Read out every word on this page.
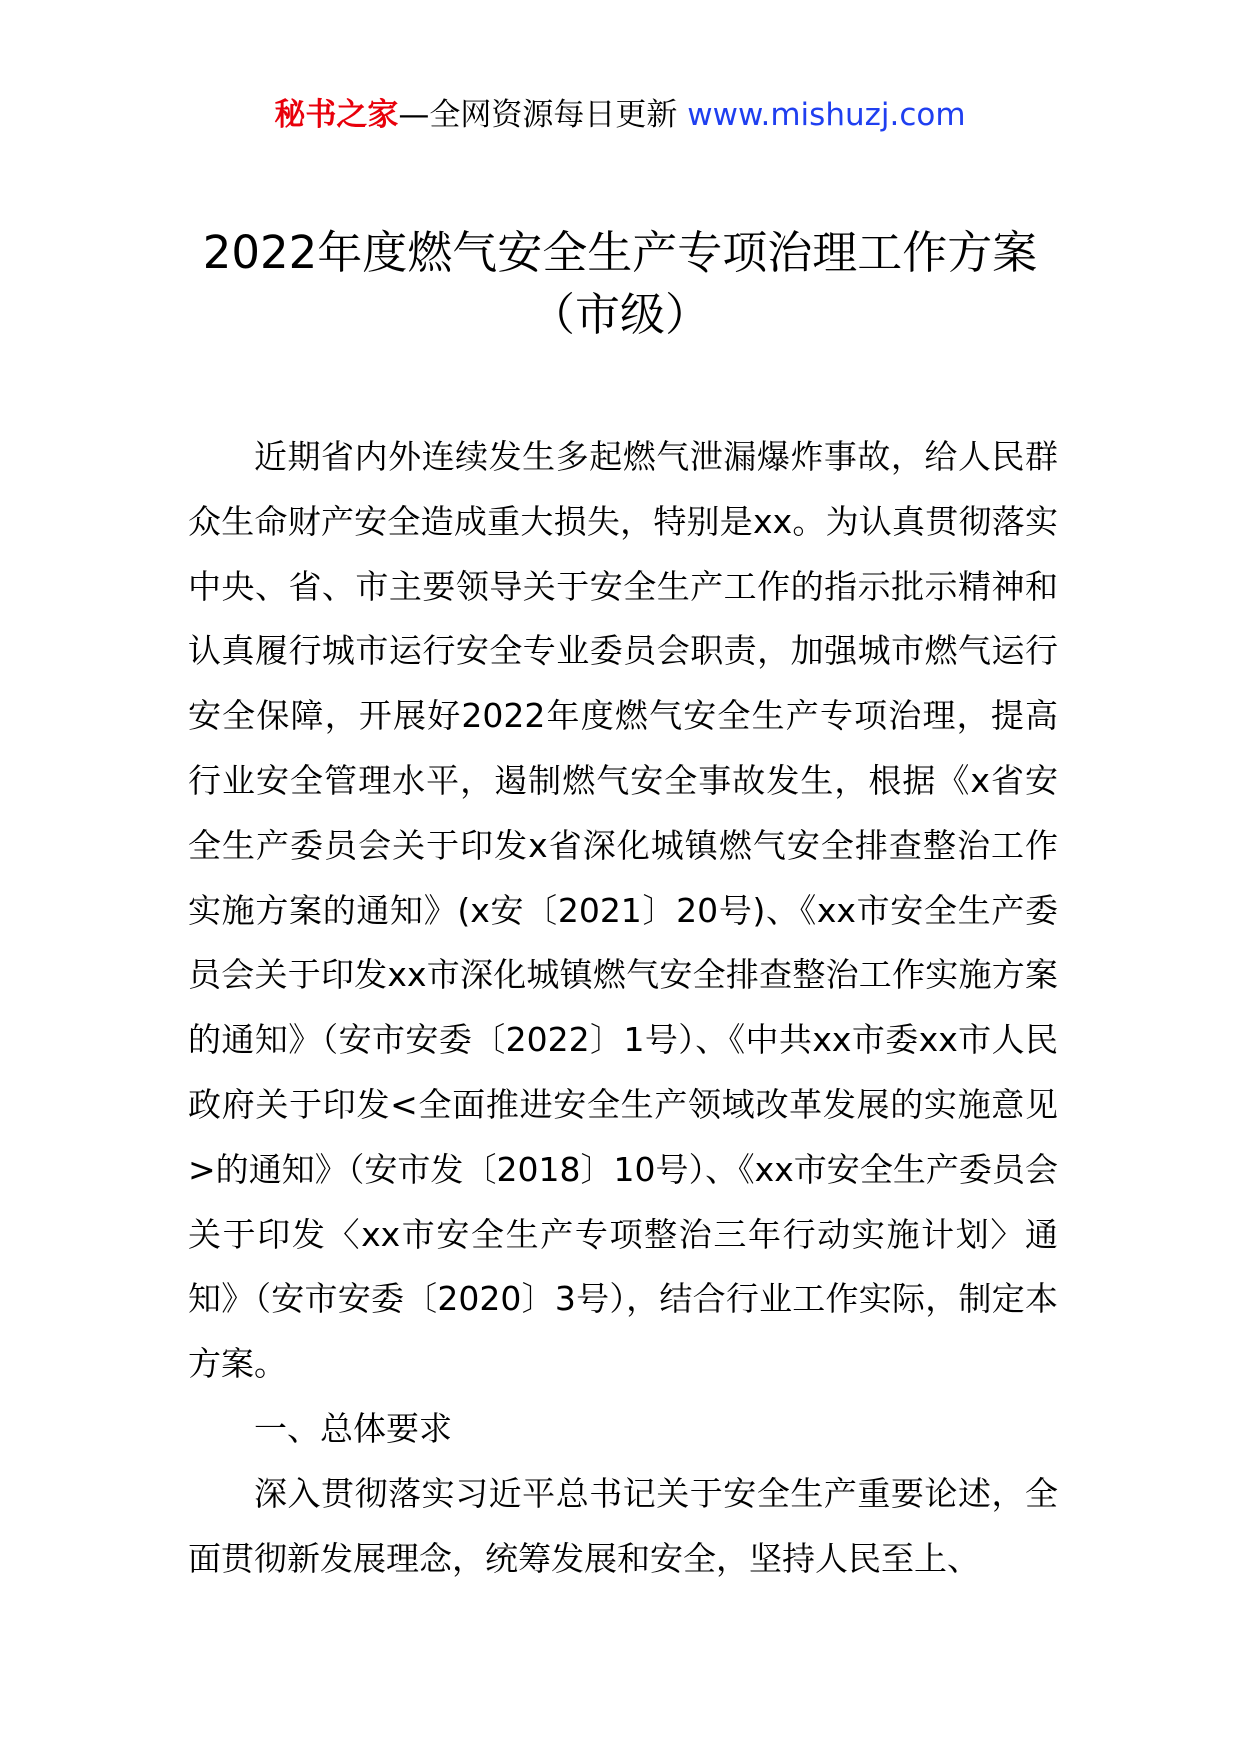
秘书之家—全网资源每日更新 www.mishuzj.com
2022年度燃气安全生产专项治理工作方案
（市级）

近期省内外连续发生多起燃气泄漏爆炸事故，给人民群众生命财产安全造成重大损失，特别是xx。为认真贯彻落实中央、省、市主要领导关于安全生产工作的指示批示精神和认真履行城市运行安全专业委员会职责，加强城市燃气运行安全保障，开展好2022年度燃气安全生产专项治理，提高行业安全管理水平，遏制燃气安全事故发生，根据《x省安全生产委员会关于印发x省深化城镇燃气安全排查整治工作实施方案的通知》(x安〔2021〕20号)、《xx市安全生产委员会关于印发xx市深化城镇燃气安全排查整治工作实施方案的通知》（安市安委〔2022〕1号）、《中共xx市委xx市人民政府关于印发<全面推进安全生产领域改革发展的实施意见>的通知》（安市发〔2018〕10号）、《xx市安全生产委员会关于印发〈xx市安全生产专项整治三年行动实施计划〉通知》（安市安委〔2020〕3号），结合行业工作实际，制定本方案。

一、总体要求

深入贯彻落实习近平总书记关于安全生产重要论述，全面贯彻新发展理念，统筹发展和安全，坚持人民至上、
